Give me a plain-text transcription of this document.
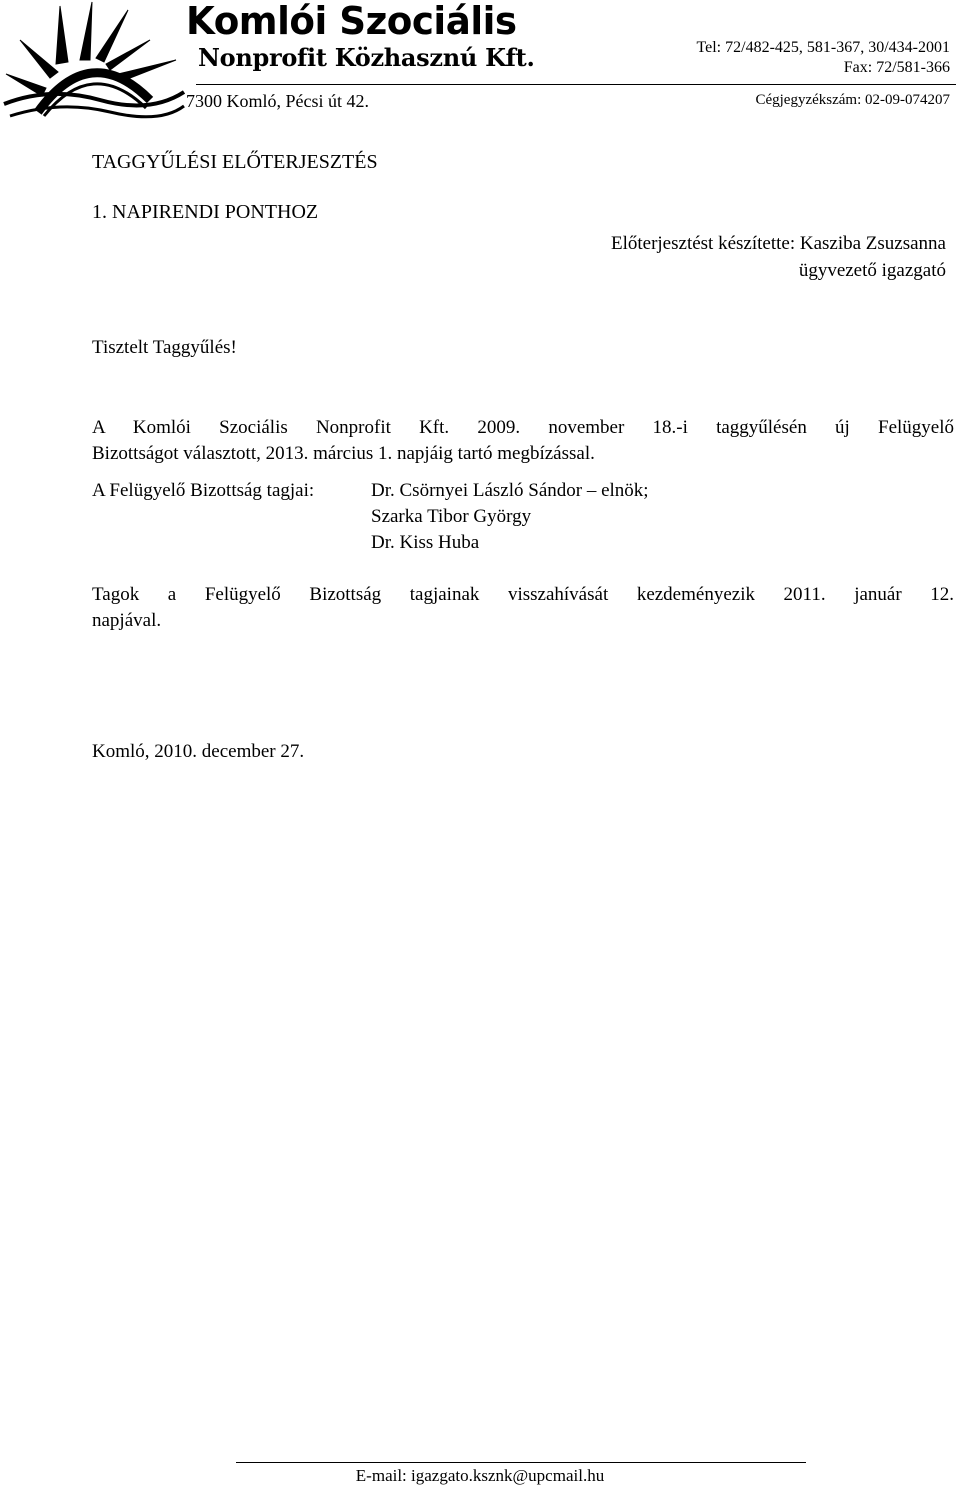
Komlói Szociális
Nonprofit Közhasznú Kft.	Tel: 72/482-425, 581-367, 30/434-2001
Fax: 72/581-366
7300 Komló, Pécsi út 42.	Cégjegyzékszám: 02-09-074207
TAGGYŰLÉSI ELŐTERJESZTÉS
1. NAPIRENDI PONTHOZ
Előterjesztést készítette: Kasziba Zsuzsanna
ügyvezető igazgató
Tisztelt Taggyűlés!
A Komlói Szociális Nonprofit Kft. 2009. november 18.-i taggyűlésén új Felügyelő
Bizottságot választott, 2013. március 1. napjáig tartó megbízással.
A Felügyelő Bizottság tagjai:	Dr. Csörnyei László Sándor – elnök;
Szarka Tibor György
Dr. Kiss Huba
Tagok a Felügyelő Bizottság tagjainak visszahívását kezdeményezik 2011. január 12.
napjával.
Komló, 2010. december 27.
E-mail: igazgato.ksznk@upcmail.hu
